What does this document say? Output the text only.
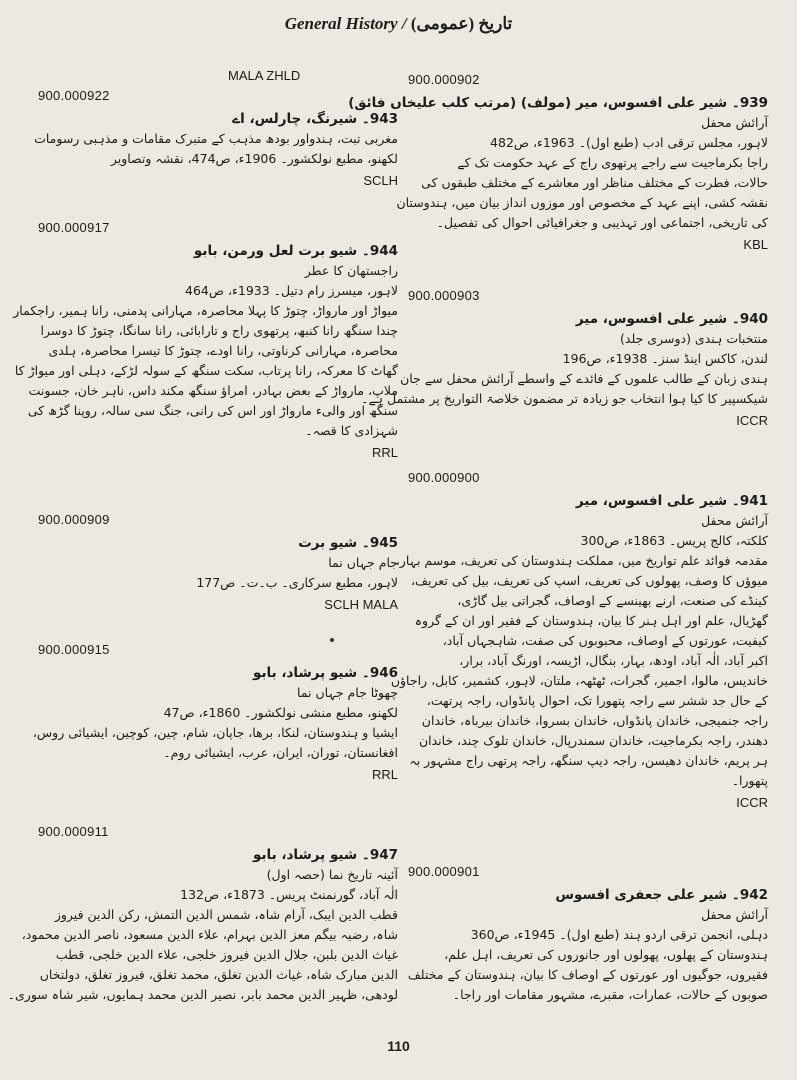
General History / تاریخ (عمومی)
MALA ZHLD
900.000922
943۔ شیرنگ، چارلس، اے
مغربی تبت، ہندواور بودھ مذہب کے متبرک مقامات و مذہبی رسومات
لکھنو، مطبع نولکشور۔ 1906ء، ص474، نقشہ وتصاویر
SCLH
900.000917
944۔ شیو برت لعل ورمن، بابو
راجستھان کا عطر
لاہور، میسرز رام دتیل۔ 1933ء، ص464
میواڑ اور مارواڑ، چتوڑ کا پہلا محاصرہ، مہارانی پدمنی، رانا ہمیر، راجکمار
چندا سنگھ رانا کنبھ، پرتھوی راج و تارابائی، رانا سانگا، چتوڑ کا دوسرا
محاصرہ، مہارانی کرناوتی، رانا اودے، چتوڑ کا تیسرا محاصرہ، ہلدی
گھاٹ کا معرکہ، رانا پرتاب، سکت سنگھ کے سولہ لڑکے، دہلی اور میواڑ کا
ملاپ، مارواڑ کے بعض بہادر، امراؤ سنگھ مکند داس، ناہر خان، جسونت
سنگھ اور والیء مارواڑ اور اس کی رانی، جنگ سی سالہ، روپنا گڑھ کی
شہزادی کا قصہ۔
RRL
900.000909
945۔ شیو برت
جام جہاں نما
لاہور، مطبع سرکاری۔ ب۔ت۔ ص177
SCLH MALA
900.000915
946۔ شیو پرشاد، بابو
چھوٹا جام جہاں نما
لکھنو، مطبع منشی نولکشور۔ 1860ء، ص47
ایشیا و ہندوستان، لنکا، برھا، جاپان، شام، چین، کوچین، ایشیائی روس،
افغانستان، توران، ایران، عرب، ایشیائی روم۔
RRL
900.000911
947۔ شیو پرشاد، بابو
آئینہ تاریخ نما (حصہ اول)
الٰہ آباد، گورنمنٹ پریس۔ 1873ء، ص132
قطب الدین ایبک، آرام شاہ، شمس الدین التمش، رکن الدین فیروز
شاہ، رضیہ بیگم معز الدین بہرام، علاء الدین مسعود، ناصر الدین محمود،
غیاث الدین بلبن، جلال الدین فیروز خلجی، علاء الدین خلجی، قطب
الدین مبارک شاہ، غیاث الدین تغلق، محمد تغلق، فیروز تغلق، دولتخاں
لودھی، ظہیر الدین محمد بابر، نصیر الدین محمد ہمایوں، شیر شاہ سوری۔
900.000902
939۔ شیر علی افسوس، میر (مولف) (مرتب کلب علیخاں فائق)
آرائش محفل
لاہور، مجلس ترقی ادب (طبع اول)۔ 1963ء، ص482
راجا بکرماجیت سے راجے پرتھوی راج کے عہد حکومت تک کے
حالات، فطرت کے مختلف مناظر اور معاشرے کے مختلف طبقوں کی
نقشہ کشی، اپنے عہد کے مخصوص اور موزوں انداز بیان میں، ہندوستان
کی تاریخی، اجتماعی اور تہذیبی و جغرافیائی احوال کی تفصیل۔
KBL
900.000903
940۔ شیر علی افسوس، میر
منتخبات ہندی (دوسری جلد)
لندن، کاکس اینڈ سنز۔ 1938ء، ص196
ہندی زبان کے طالب علموں کے فائدے کے واسطے آرائش محفل سے جان
شیکسپیر کا کیا ہوا انتخاب جو زیادہ تر مضمون خلاصۃ التواریخ پر مشتمل ہے۔
ICCR
900.000900
941۔ شیر علی افسوس، میر
آرائش محفل
کلکتہ، کالج پریس۔ 1863ء، ص300
مقدمہ فوائد علم تواریخ میں، مملکت ہندوستان کی تعریف، موسم بہار،
میوؤں کا وصف، پھولوں کی تعریف، اسپ کی تعریف، بیل کی تعریف،
کینڈے کی صنعت، ارنے بھینسے کے اوصاف، گجراتی بیل گاڑی،
گھڑیال، علم اور اہل ہنر کا بیان، ہندوستان کے فقیر اور ان کے گروہ
کیفیت، عورتوں کے اوصاف، محبوبوں کی صفت، شاہجہاں آباد،
اکبر آباد، الٰہ آباد، اودھ، بہار، بنگال، اڑیسہ، اورنگ آباد، برار،
خاندیس، مالوا، اجمیر، گجرات، ٹھٹھہ، ملتان، لاہور، کشمیر، کابل، راجاؤں
کے حال جد ششر سے راجہ پتھورا تک، احوال پانڈواں، راجہ پرتھت،
راجہ جنمیجی، خاندان پانڈواں، خاندان بسروا، خاندان بیرباہ، خاندان
دھندر، راجہ بکرماجیت، خاندان سمندرپال، خاندان تلوک چند، خاندان
ہر پریم، خاندان دھیسن، راجہ دیپ سنگھ، راجہ پرتھی راج مشہور بہ
پتھورا۔
ICCR
900.000901
942۔ شیر علی جعفری افسوس
آرائش محفل
دہلی، انجمن ترقی اردو ہند (طبع اول)۔ 1945ء، ص360
ہندوستان کے پھلوں، پھولوں اور جانوروں کی تعریف، اہل علم،
فقیروں، جوگیوں اور عورتوں کے اوصاف کا بیان، ہندوستان کے مختلف
صوبوں کے حالات، عمارات، مقبرے، مشہور مقامات اور راجا۔
110
